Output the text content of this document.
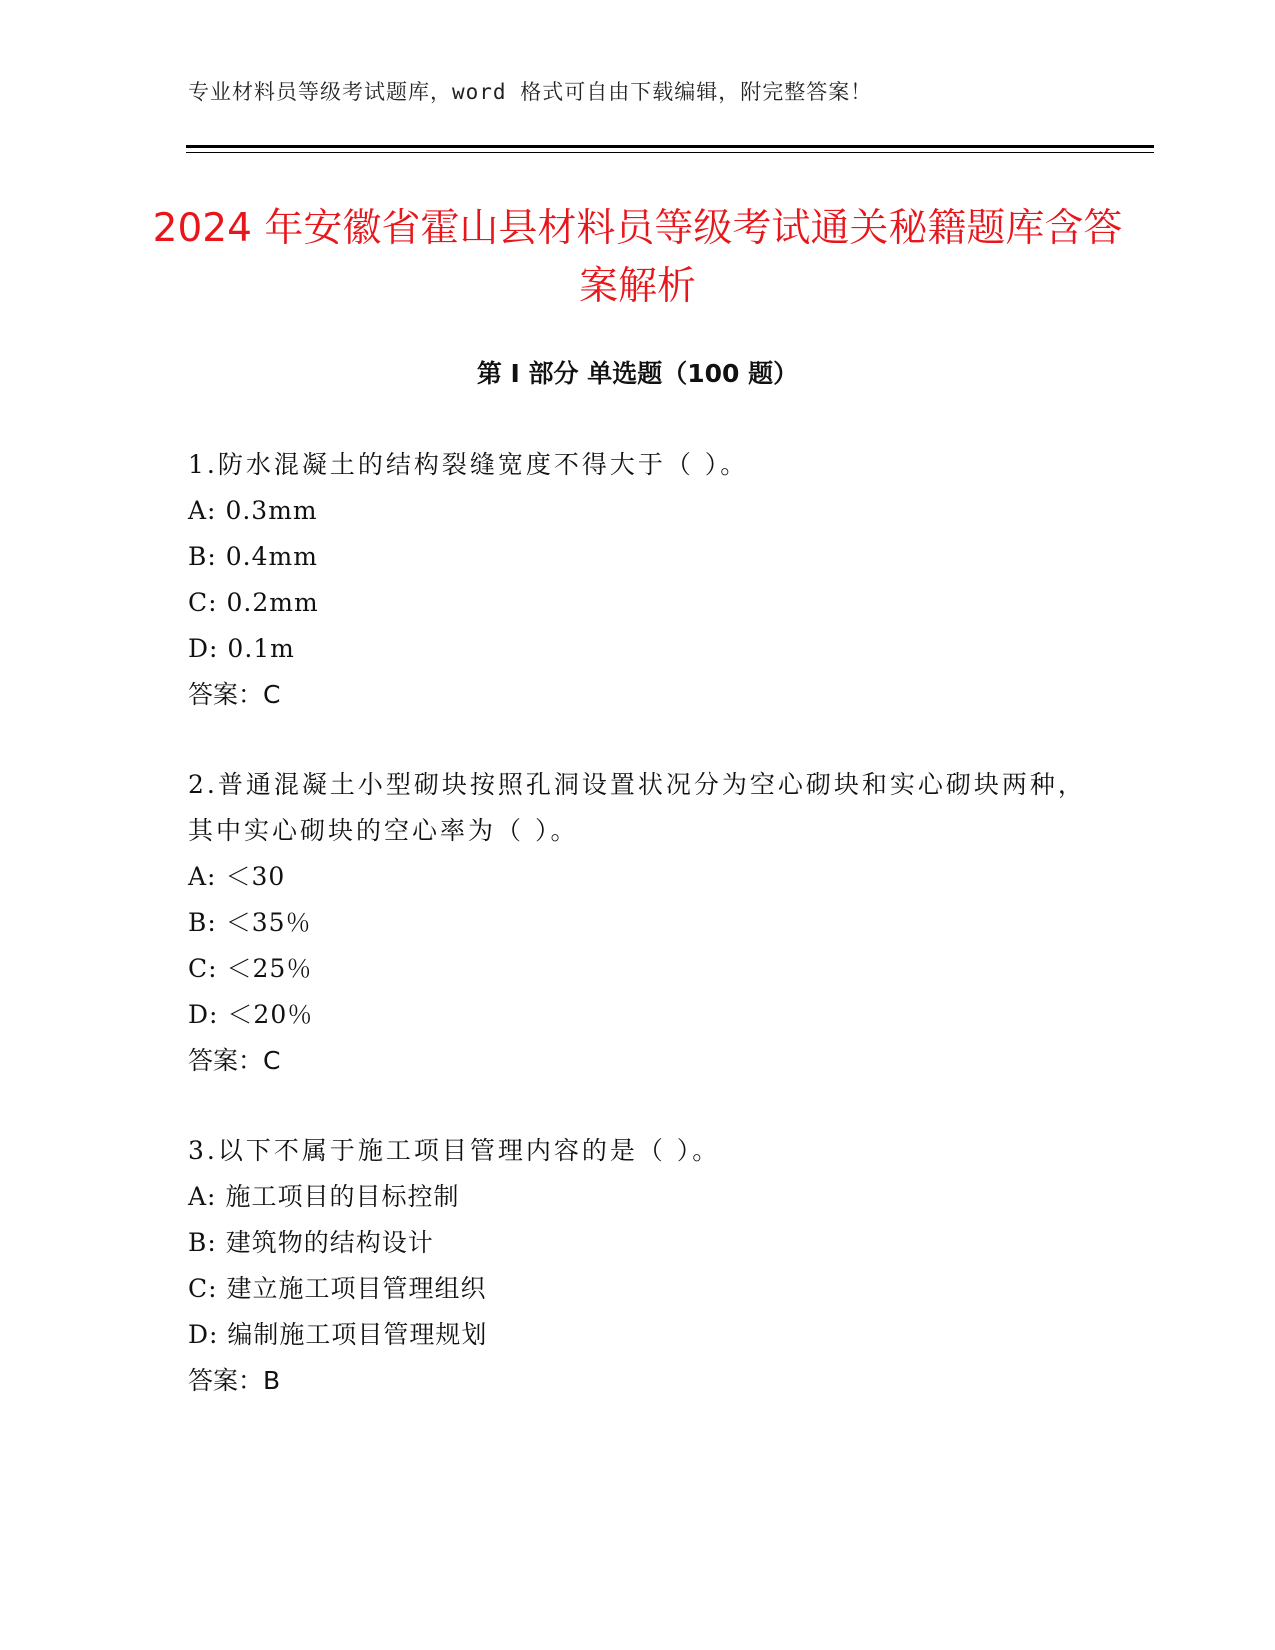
专业材料员等级考试题库，word 格式可自由下载编辑，附完整答案！
2024 年安徽省霍山县材料员等级考试通关秘籍题库含答案解析
第 I 部分 单选题（100 题）

1.防水混凝土的结构裂缝宽度不得大于（ ）。

A: 0.3mm

B: 0.4mm

C: 0.2mm

D: 0.1m

答案：C

2.普通混凝土小型砌块按照孔洞设置状况分为空心砌块和实心砌块两种，其中实心砌块的空心率为（ ）。

A: ＜30

B: ＜35％

C: ＜25％

D: ＜20％

答案：C

3.以下不属于施工项目管理内容的是（ ）。

A: 施工项目的目标控制

B: 建筑物的结构设计

C: 建立施工项目管理组织

D: 编制施工项目管理规划

答案：B
